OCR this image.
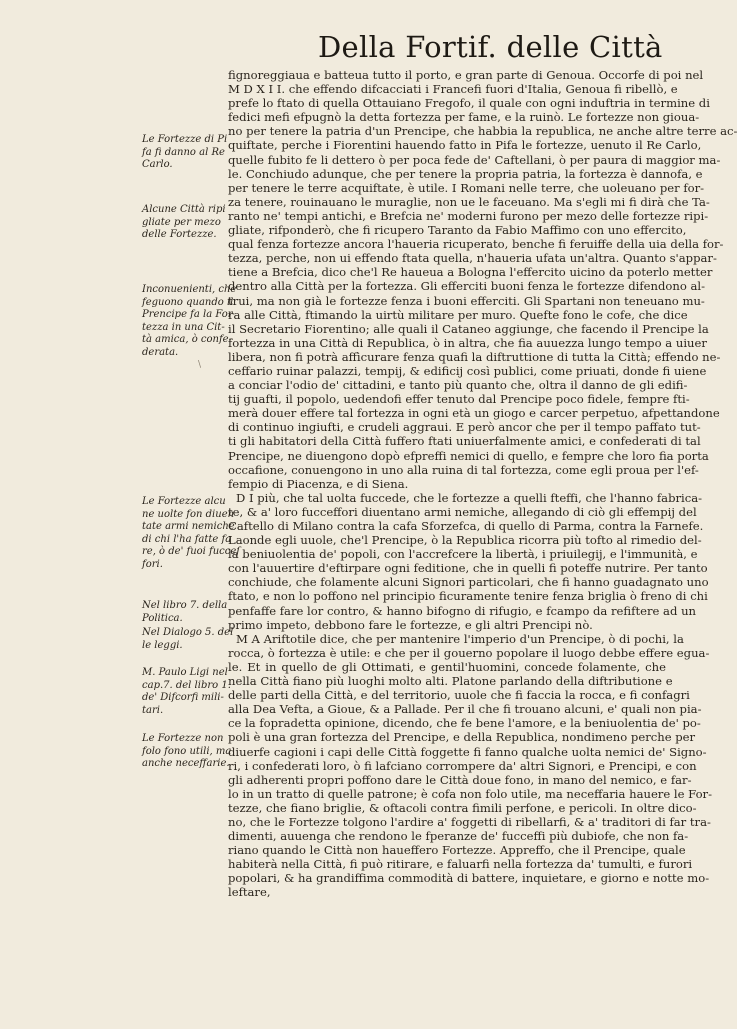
Della Fortif. delle Città
fignoreggiaua e batteua tutto il porto, e gran parte di Genoua. Occorfe di poi nel
M D X I I. che effendo difcacciati i Francefi fuori d'Italia, Genoua fi ribellò, e
prefe lo ftato di quella Ottauiano Fregofo, il quale con ogni induftria in termine di
fedici mefi efpugnò la detta fortezza per fame, e la ruinò. Le fortezze non gioua-
no per tenere la patria d'un Prencipe, che habbia la republica, ne anche altre terre ac-
quiftate, perche i Fiorentini hauendo fatto in Pifa le fortezze, uenuto il Re Carlo,
quelle fubito fe li dettero ò per poca fede de' Caftellani, ò per paura di maggior ma-
le. Conchiudo adunque, che per tenere la propria patria, la fortezza è dannofa, e
per tenere le terre acquiftate, è utile. I Romani nelle terre, che uoleuano per for-
za tenere, rouinauano le muraglie, non ue le faceuano. Ma s'egli mi fi dirà che Ta-
ranto ne' tempi antichi, e Brefcia ne' moderni furono per mezo delle fortezze ripi-
gliate, rifponderò, che fi ricupero Taranto da Fabio Maffimo con uno effercito,
qual fenza fortezze ancora l'haueria ricuperato, benche fi feruiffe della uia della for-
tezza, perche, non ui effendo ftata quella, n'haueria ufata un'altra. Quanto s'appar-
tiene a Brefcia, dico che'l Re haueua a Bologna l'effercito uicino da poterlo metter
dentro alla Città per la fortezza. Gli efferciti buoni fenza le fortezze difendono al-
trui, ma non già le fortezze fenza i buoni efferciti. Gli Spartani non teneuano mu-
ra alle Città, ftimando la uirtù militare per muro. Quefte fono le cofe, che dice
il Secretario Fiorentino; alle quali il Cataneo aggiunge, che facendo il Prencipe la
fortezza in una Città di Republica, ò in altra, che fia auuezza lungo tempo a uiuer
libera, non fi potrà affìcurare fenza quafi la diftruttione di tutta la Città; effendo ne-
ceffario ruinar palazzi, tempij, & edificij così publici, come priuati, donde fi uiene
a conciar l'odio de' cittadini, e tanto più quanto che, oltra il danno de gli edifi-
tij guafti, il popolo, uedendofi effer tenuto dal Prencipe poco fidele, fempre fti-
merà douer effere tal fortezza in ogni età un giogo e carcer perpetuo, afpettandone
di continuo ingiufti, e crudeli aggraui. E però ancor che per il tempo paffato tut-
ti gli habitatori della Città fuffero ftati uniuerfalmente amici, e confederati di tal
Prencipe, ne diuengono dopò efpreffi nemici di quello, e fempre che loro fia porta
occafione, conuengono in uno alla ruina di tal fortezza, come egli proua per l'ef-
fempio di Piacenza, e di Siena.
D I più, che tal uolta fuccede, che le fortezze a quelli fteffi, che l'hanno fabrica-
te, & a' loro fucceffori diuentano armi nemiche, allegando di ciò gli effempij del
Caftello di Milano contra la cafa Sforzefca, di quello di Parma, contra la Farnefe.
Laonde egli uuole, che'l Prencipe, ò la Republica ricorra più tofto al rimedio del-
la beniuolentia de' popoli, con l'accrefcere la libertà, i priuilegij, e l'immunità, e
con l'auuertire d'eftirpare ogni feditione, che in quelli fi poteffe nutrire. Per tanto
conchiude, che folamente alcuni Signori particolari, che fi hanno guadagnato uno
ftato, e non lo poffono nel principio ficuramente tenire fenza briglia ò freno di chi
penfaffe fare lor contro, & hanno bifogno di rifugio, e fcampo da refiftere ad un
primo impeto, debbono fare le fortezze, e gli altri Prencipi nò.
M A Ariftotile dice, che per mantenire l'imperio d'un Prencipe, ò di pochi, la
rocca, ò fortezza è utile: e che per il gouerno popolare il luogo debbe effere egua-
le. Et in quello de gli Ottimati, e gentil'huomini, concede folamente, che
nella Città fiano più luoghi molto alti. Platone parlando della diftributione e
delle parti della Città, e del territorio, uuole che fi faccia la rocca, e fi confagri
alla Dea Vefta, a Gioue, & a Pallade. Per il che fi trouano alcuni, e' quali non pia-
ce la fopradetta opinione, dicendo, che fe bene l'amore, e la beniuolentia de' po-
poli è una gran fortezza del Prencipe, e della Republica, nondimeno perche per
diuerfe cagioni i capi delle Città foggette fi fanno qualche uolta nemici de' Signo-
ri, i confederati loro, ò fi lafciano corrompere da' altri Signori, e Prencipi, e con
gli adherenti propri poffono dare le Città doue fono, in mano del nemico, e far-
lo in un tratto di quelle patrone; è cofa non folo utile, ma neceffaria hauere le For-
tezze, che fiano briglie, & oftacoli contra fimili perfone, e pericoli. In oltre dico-
no, che le Fortezze tolgono l'ardire a' foggetti di ribellarfi, & a' traditori di far tra-
dimenti, auuenga che rendono le fperanze de' fucceffi più dubiofe, che non fa-
riano quando le Città non haueffero Fortezze. Appreffo, che il Prencipe, quale
habiterà nella Città, fi può ritirare, e faluarfi nella fortezza da' tumulti, e furori
popolari, & ha grandiffima commodità di battere, inquietare, e giorno e notte mo-
leftare,
Le Fortezze di Pi
fa fi danno al Re
Carlo.
Alcune Città ripi
gliate per mezo
delle Fortezze.
Inconuenienti, che
feguono quando il
Prencipe fa la For
tezza in una Cit-
tà amica, ò confe-
derata.
Le Fortezze alcu
ne uolte fon diuen
tate armi nemiche
di chi l'ha fatte fa
re, ò de' fuoi fucceſ
fori.
Nel libro 7. della
Politica.
Nel Dialogo 5. del
le leggi.
M. Paulo Ligi nel
cap.7. del libro 1.
de' Difcorfi mili-
tari.
Le Fortezze non
folo fono utili, ma
anche neceffarie.
\
